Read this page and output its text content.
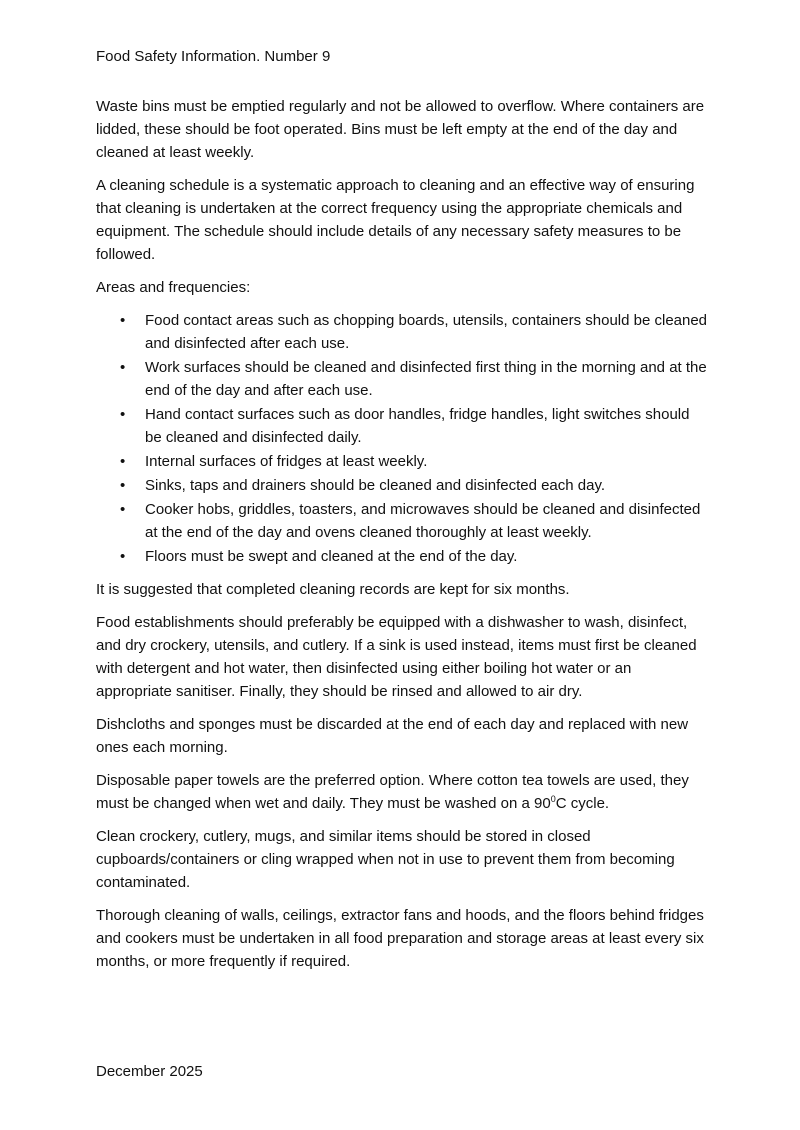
Food Safety Information. Number 9

Waste bins must be emptied regularly and not be allowed to overflow. Where containers are lidded, these should be foot operated. Bins must be left empty at the end of the day and cleaned at least weekly.

A cleaning schedule is a systematic approach to cleaning and an effective way of ensuring that cleaning is undertaken at the correct frequency using the appropriate chemicals and equipment. The schedule should include details of any necessary safety measures to be followed.

Areas and frequencies:

• Food contact areas such as chopping boards, utensils, containers should be cleaned and disinfected after each use.
• Work surfaces should be cleaned and disinfected first thing in the morning and at the end of the day and after each use.
• Hand contact surfaces such as door handles, fridge handles, light switches should be cleaned and disinfected daily.
• Internal surfaces of fridges at least weekly.
• Sinks, taps and drainers should be cleaned and disinfected each day.
• Cooker hobs, griddles, toasters, and microwaves should be cleaned and disinfected at the end of the day and ovens cleaned thoroughly at least weekly.
• Floors must be swept and cleaned at the end of the day.

It is suggested that completed cleaning records are kept for six months.

Food establishments should preferably be equipped with a dishwasher to wash, disinfect, and dry crockery, utensils, and cutlery. If a sink is used instead, items must first be cleaned with detergent and hot water, then disinfected using either boiling hot water or an appropriate sanitiser. Finally, they should be rinsed and allowed to air dry.

Dishcloths and sponges must be discarded at the end of each day and replaced with new ones each morning.

Disposable paper towels are the preferred option. Where cotton tea towels are used, they must be changed when wet and daily. They must be washed on a $90^0C$ cycle.

Clean crockery, cutlery, mugs, and similar items should be stored in closed cupboards/containers or cling wrapped when not in use to prevent them from becoming contaminated.

Thorough cleaning of walls, ceilings, extractor fans and hoods, and the floors behind fridges and cookers must be undertaken in all food preparation and storage areas at least every six months, or more frequently if required.

December 2025
